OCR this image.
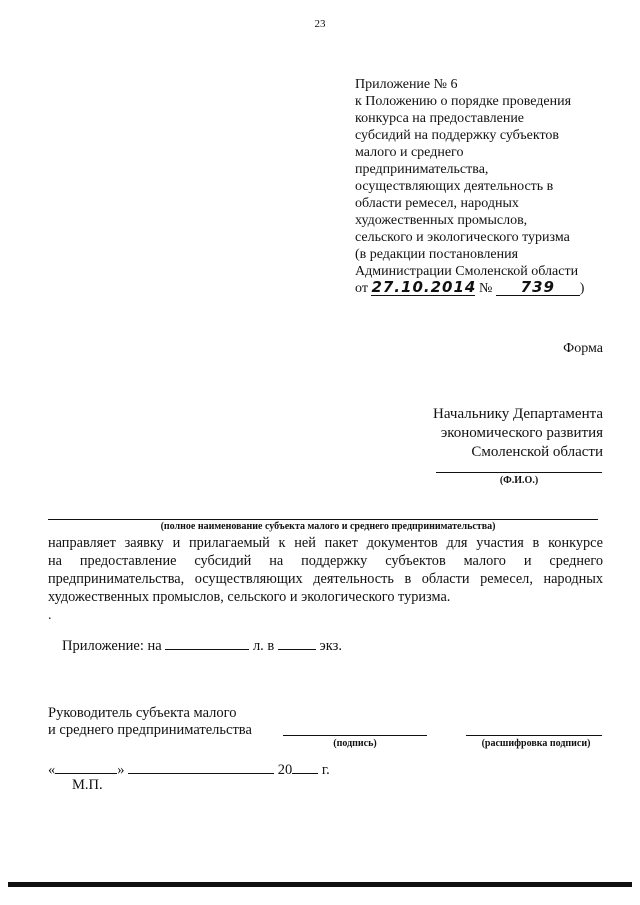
23
Приложение № 6
к Положению о порядке проведения
конкурса на предоставление
субсидий на поддержку субъектов
малого и среднего
предпринимательства,
осуществляющих деятельность в
области ремесел, народных
художественных промыслов,
сельского и экологического туризма
(в редакции постановления
Администрации Смоленской области
от 27.10.2014 № 739 )
Форма
Начальнику Департамента
экономического развития
Смоленской области
(Ф.И.О.)
(полное наименование субъекта малого и среднего предпринимательства)
направляет заявку и прилагаемый к ней пакет документов для участия в конкурсе
на предоставление субсидий на поддержку субъектов малого и среднего
предпринимательства, осуществляющих деятельность в области ремесел, народных
художественных промыслов, сельского и экологического туризма.
.
Приложение: на	л. в	экз.
Руководитель субъекта малого
и среднего предпринимательства
(подпись)	(расшифровка подписи)
«	»	20 г.
М.П.
